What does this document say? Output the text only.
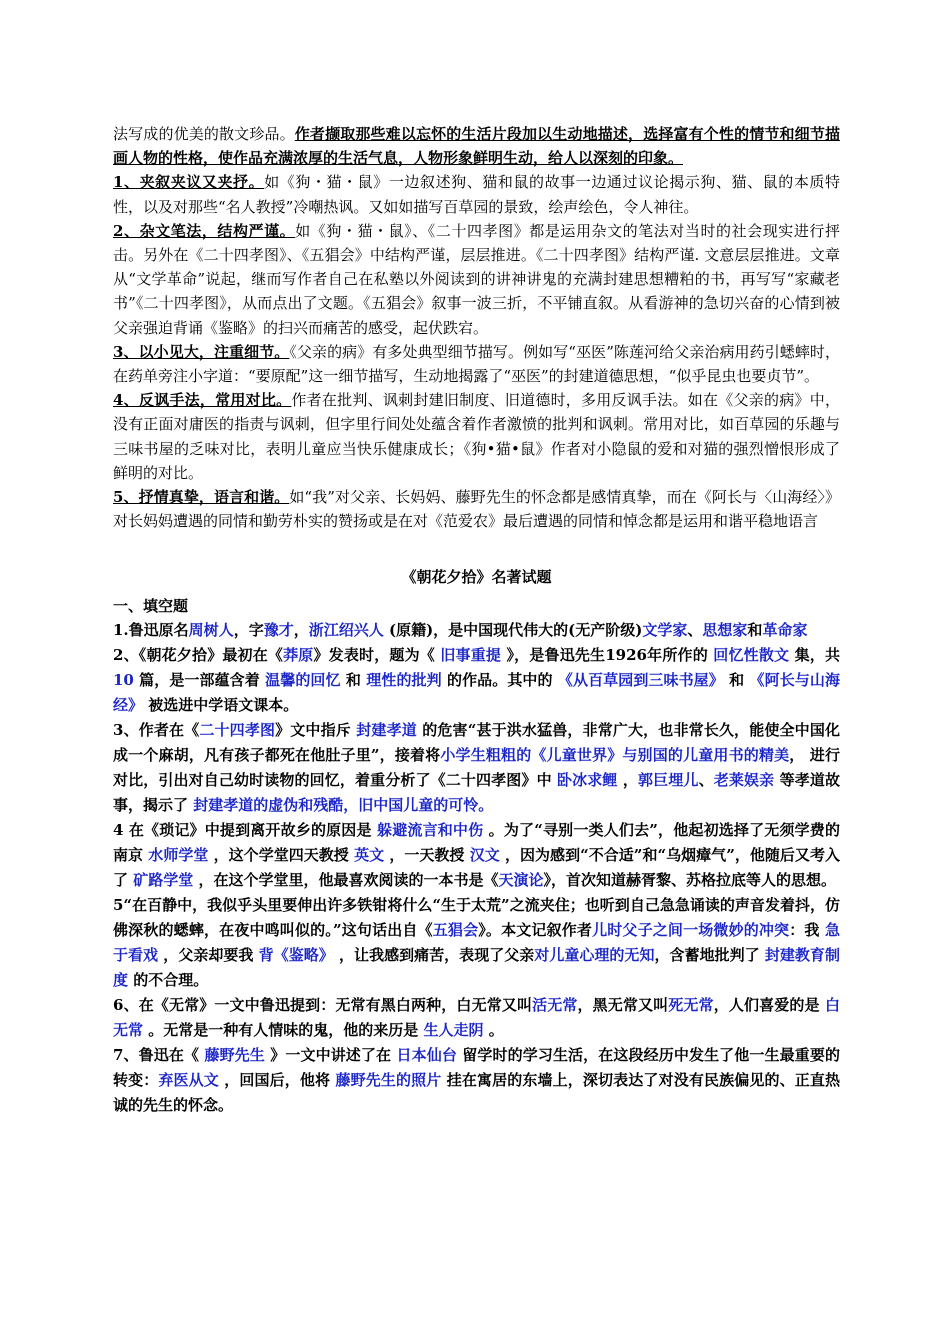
法写成的优美的散文珍品。作者撷取那些难以忘怀的生活片段加以生动地描述，选择富有个性的情节和细节描画人物的性格，使作品充满浓厚的生活气息，人物形象鲜明生动，给人以深刻的印象。

1、夹叙夹议又夹抒。如《狗・猫・鼠》一边叙述狗、猫和鼠的故事一边通过议论揭示狗、猫、鼠的本质特性，以及对那些“名人教授”冷嘲热讽。又如如描写百草园的景致，绘声绘色，令人神往。

2、杂文笔法，结构严谨。如《狗・猫・鼠》、《二十四孝图》都是运用杂文的笔法对当时的社会现实进行抨击。另外在《二十四孝图》、《五猖会》中结构严谨，层层推进。《二十四孝图》结构严谨. 文意层层推进。文章从“文学革命”说起，继而写作者自己在私塾以外阅读到的讲神讲鬼的充满封建思想糟粕的书，再写写“家藏老书”《二十四孝图》，从而点出了文题。《五猖会》叙事一波三折，不平铺直叙。从看游神的急切兴奋的心情到被父亲强迫背诵《鉴略》的扫兴而痛苦的感受，起伏跌宕。

3、以小见大，注重细节。《父亲的病》有多处典型细节描写。例如写“巫医”陈莲河给父亲治病用药引蟋蟀时，在药单旁注小字道：“要原配”这一细节描写，生动地揭露了“巫医”的封建道德思想，“似乎昆虫也要贞节”。

4、反讽手法，常用对比。作者在批判、讽刺封建旧制度、旧道德时，多用反讽手法。如在《父亲的病》中，没有正面对庸医的指责与讽刺，但字里行间处处蕴含着作者激愤的批判和讽刺。常用对比，如百草园的乐趣与三味书屋的乏味对比，表明儿童应当快乐健康成长；《狗•猫•鼠》作者对小隐鼠的爱和对猫的强烈憎恨形成了鲜明的对比。

5、抒情真挚，语言和谐。如“我”对父亲、长妈妈、藤野先生的怀念都是感情真挚，而在《阿长与〈山海经〉》对长妈妈遭遇的同情和勤劳朴实的赞扬或是在对《范爱农》最后遭遇的同情和悼念都是运用和谐平稳地语言

《朝花夕拾》名著试题

一、填空题

1.鲁迅原名周树人，字豫才，浙江绍兴人 (原籍)，是中国现代伟大的(无产阶级)文学家、思想家和革命家

2、《朝花夕拾》最初在《莽原》发表时，题为《 旧事重提 》，是鲁迅先生1926年所作的 回忆性散文 集，共 10 篇，是一部蕴含着 温馨的回忆 和 理性的批判 的作品。其中的 《从百草园到三味书屋》 和 《阿长与山海经》 被选进中学语文课本。

3、作者在《二十四孝图》文中指斥 封建孝道 的危害“甚于洪水猛兽，非常广大，也非常长久，能使全中国化成一个麻胡，凡有孩子都死在他肚子里”，接着将小学生粗粗的《儿童世界》与别国的儿童用书的精美， 进行对比，引出对自己幼时读物的回忆，着重分析了《二十四孝图》中 卧冰求鲤 ，郭巨埋儿、老莱娱亲 等孝道故事，揭示了 封建孝道的虚伪和残酷，旧中国儿童的可怜。

4 在《琐记》中提到离开故乡的原因是 躲避流言和中伤 。为了“寻别一类人们去”，他起初选择了无须学费的南京 水师学堂 ，这个学堂四天教授 英文 ，一天教授 汉文 ，因为感到“不合适”和“乌烟瘴气”，他随后又考入了 矿路学堂 ，在这个学堂里，他最喜欢阅读的一本书是《天演论》，首次知道赫胥黎、苏格拉底等人的思想。

5“在百静中，我似乎头里要伸出许多铁钳将什么“生于太荒”之流夹住；也听到自己急急诵读的声音发着抖，仿佛深秋的蟋蟀，在夜中鸣叫似的。”这句话出自《五猖会》。本文记叙作者儿时父子之间一场微妙的冲突：我 急于看戏 ，父亲却要我 背《鉴略》 ，让我感到痛苦，表现了父亲对儿童心理的无知，含蓄地批判了 封建教育制度 的不合理。

6、在《无常》一文中鲁迅提到：无常有黑白两种，白无常又叫活无常，黑无常又叫死无常，人们喜爱的是 白无常 。无常是一种有人情味的鬼，他的来历是 生人走阴 。

7、鲁迅在《 藤野先生 》一文中讲述了在 日本仙台 留学时的学习生活，在这段经历中发生了他一生最重要的转变：弃医从文 ，回国后，他将 藤野先生的照片 挂在寓居的东墙上，深切表达了对没有民族偏见的、正直热诚的先生的怀念。
